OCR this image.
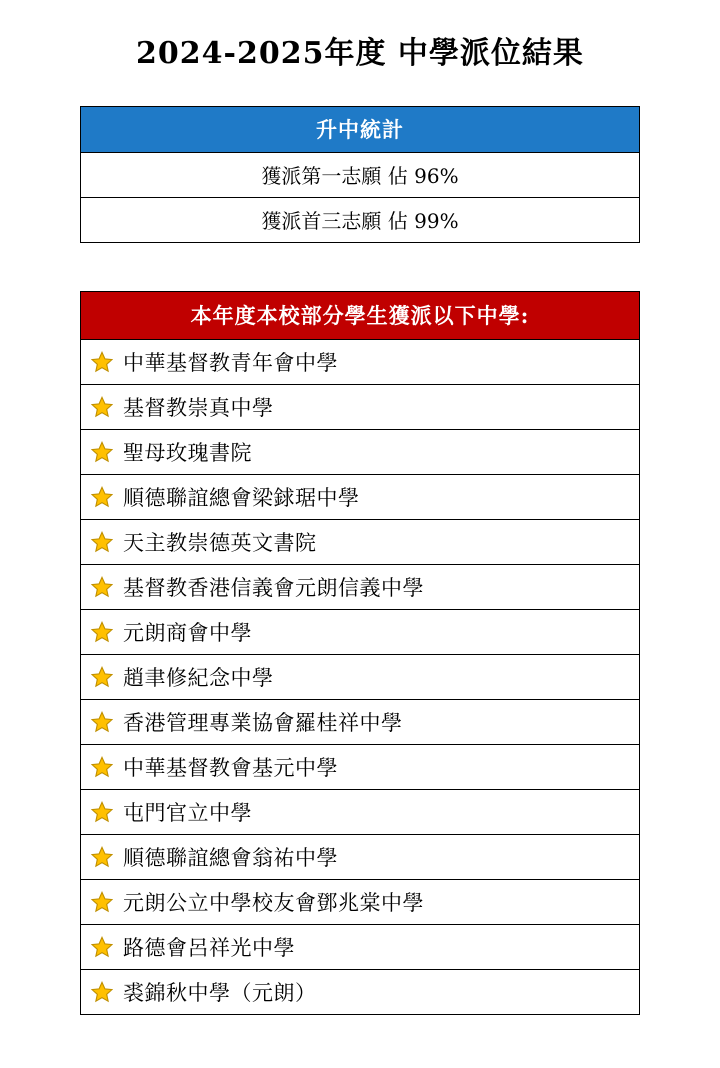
2024-2025年度 中學派位結果
升中統計
獲派第一志願 佔 96%
獲派首三志願 佔 99%
本年度本校部分學生獲派以下中學:
中華基督教青年會中學
基督教崇真中學
聖母玫瑰書院
順德聯誼總會梁銶琚中學
天主教崇德英文書院
基督教香港信義會元朗信義中學
元朗商會中學
趙聿修紀念中學
香港管理專業協會羅桂祥中學
中華基督教會基元中學
屯門官立中學
順德聯誼總會翁祐中學
元朗公立中學校友會鄧兆棠中學
路德會呂祥光中學
裘錦秋中學（元朗）
